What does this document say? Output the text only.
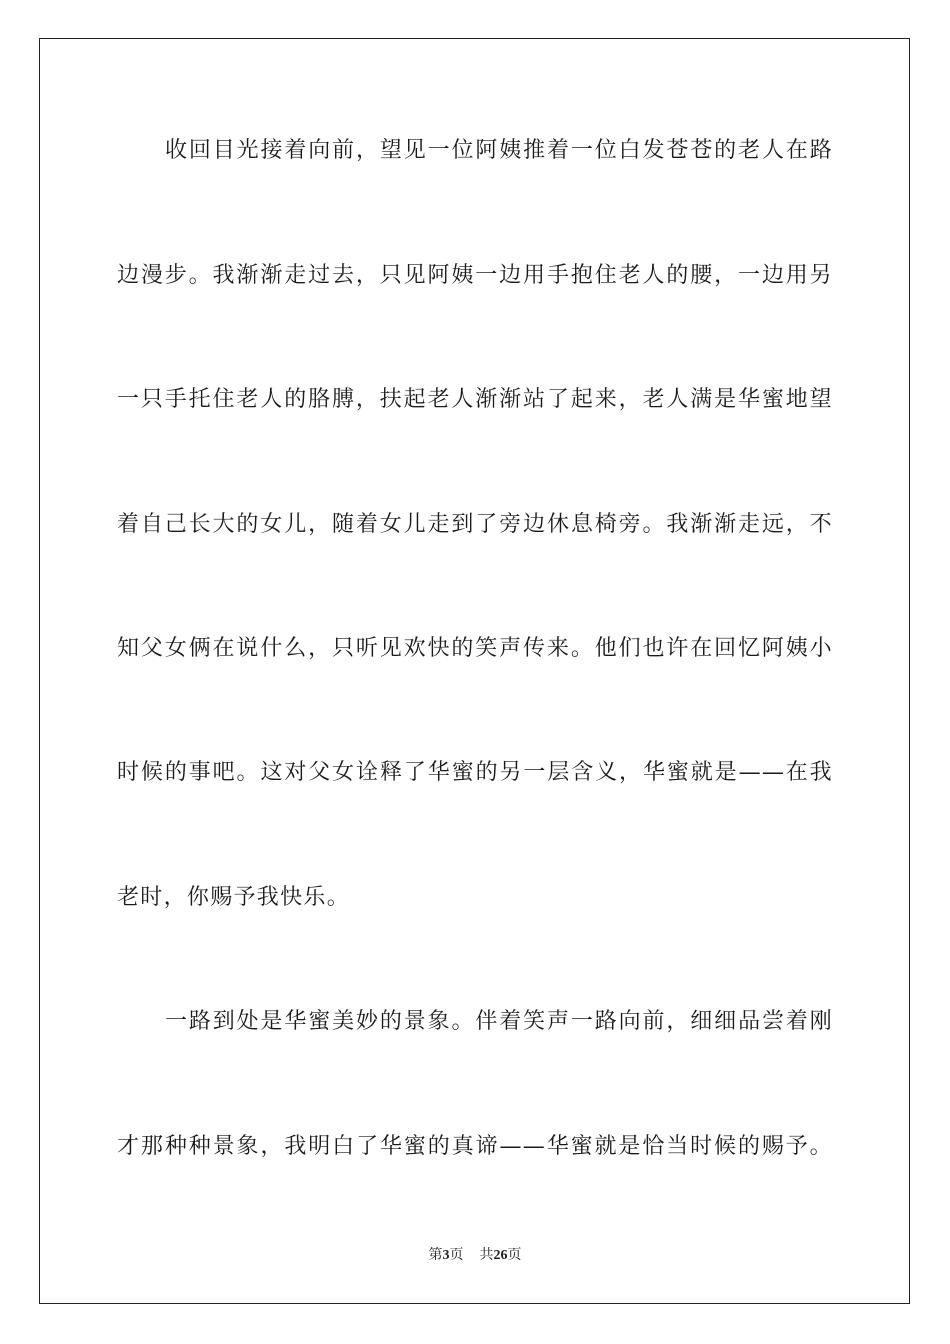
收回目光接着向前，望见一位阿姨推着一位白发苍苍的老人在路
边漫步。我渐渐走过去，只见阿姨一边用手抱住老人的腰，一边用另
一只手托住老人的胳膊，扶起老人渐渐站了起来，老人满是华蜜地望
着自己长大的女儿，随着女儿走到了旁边休息椅旁。我渐渐走远，不
知父女俩在说什么，只听见欢快的笑声传来。他们也许在回忆阿姨小
时候的事吧。这对父女诠释了华蜜的另一层含义，华蜜就是——在我
老时，你赐予我快乐。
一路到处是华蜜美妙的景象。伴着笑声一路向前，细细品尝着刚
才那种种景象，我明白了华蜜的真谛——华蜜就是恰当时候的赐予。
第3页 共26页
